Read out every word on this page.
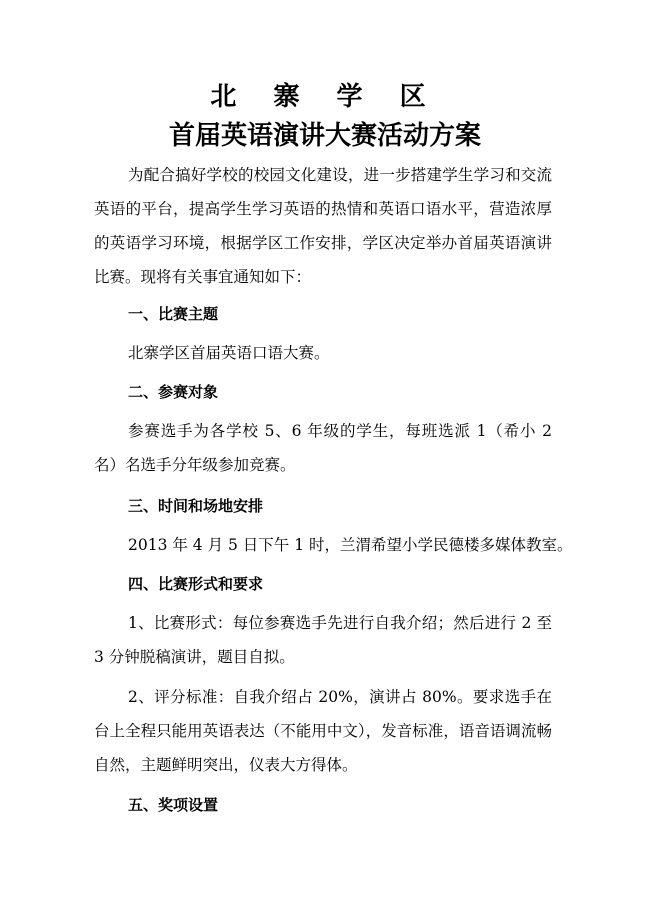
北 寨 学 区
首届英语演讲大赛活动方案
为配合搞好学校的校园文化建设，进一步搭建学生学习和交流英语的平台，提高学生学习英语的热情和英语口语水平，营造浓厚的英语学习环境，根据学区工作安排，学区决定举办首届英语演讲比赛。现将有关事宜通知如下：
一、比赛主题
北寨学区首届英语口语大赛。
二、参赛对象
参赛选手为各学校 5、6 年级的学生，每班选派 1（希小 2 名）名选手分年级参加竞赛。
三、时间和场地安排
2013 年 4 月 5 日下午 1 时，兰渭希望小学民德楼多媒体教室。
四、比赛形式和要求
1、比赛形式：每位参赛选手先进行自我介绍；然后进行 2 至 3 分钟脱稿演讲，题目自拟。
2、评分标准：自我介绍占 20%，演讲占 80%。要求选手在台上全程只能用英语表达（不能用中文），发音标准，语音语调流畅自然，主题鲜明突出，仪表大方得体。
五、奖项设置
